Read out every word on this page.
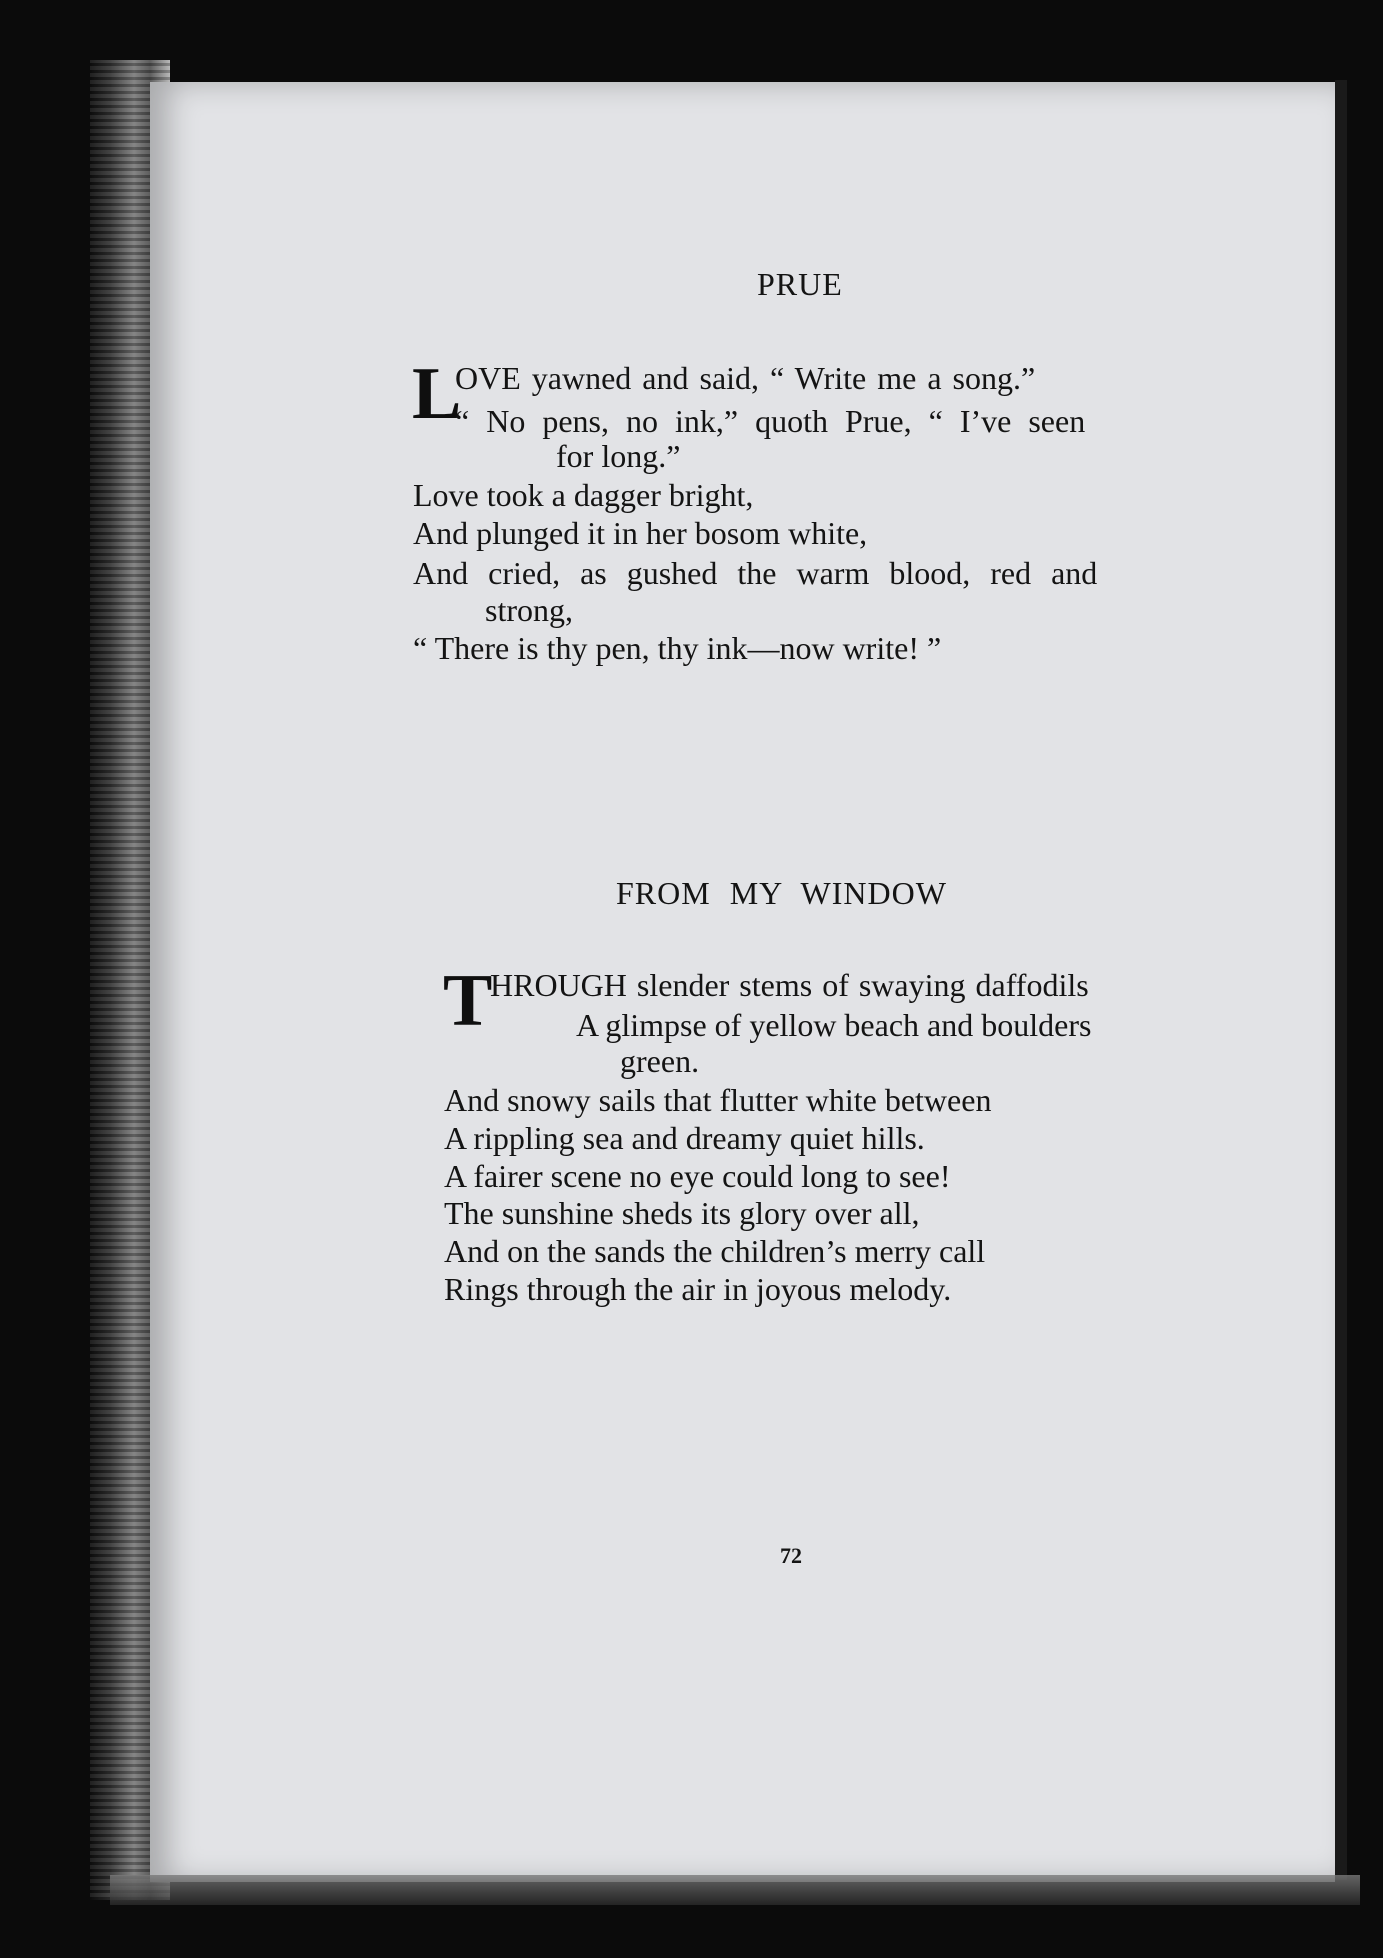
PRUE
L
OVE yawned and said, “ Write me a song.”
“ No pens, no ink,” quoth Prue, “ I’ve seen
for long.”
Love took a dagger bright,
And plunged it in her bosom white,
And cried, as gushed the warm blood, red and
strong,
“ There is thy pen, thy ink—now write! ”
FROM MY WINDOW
T
HROUGH slender stems of swaying daffodils
A glimpse of yellow beach and boulders
green.
And snowy sails that flutter white between
A rippling sea and dreamy quiet hills.
A fairer scene no eye could long to see!
The sunshine sheds its glory over all,
And on the sands the children’s merry call
Rings through the air in joyous melody.
72
